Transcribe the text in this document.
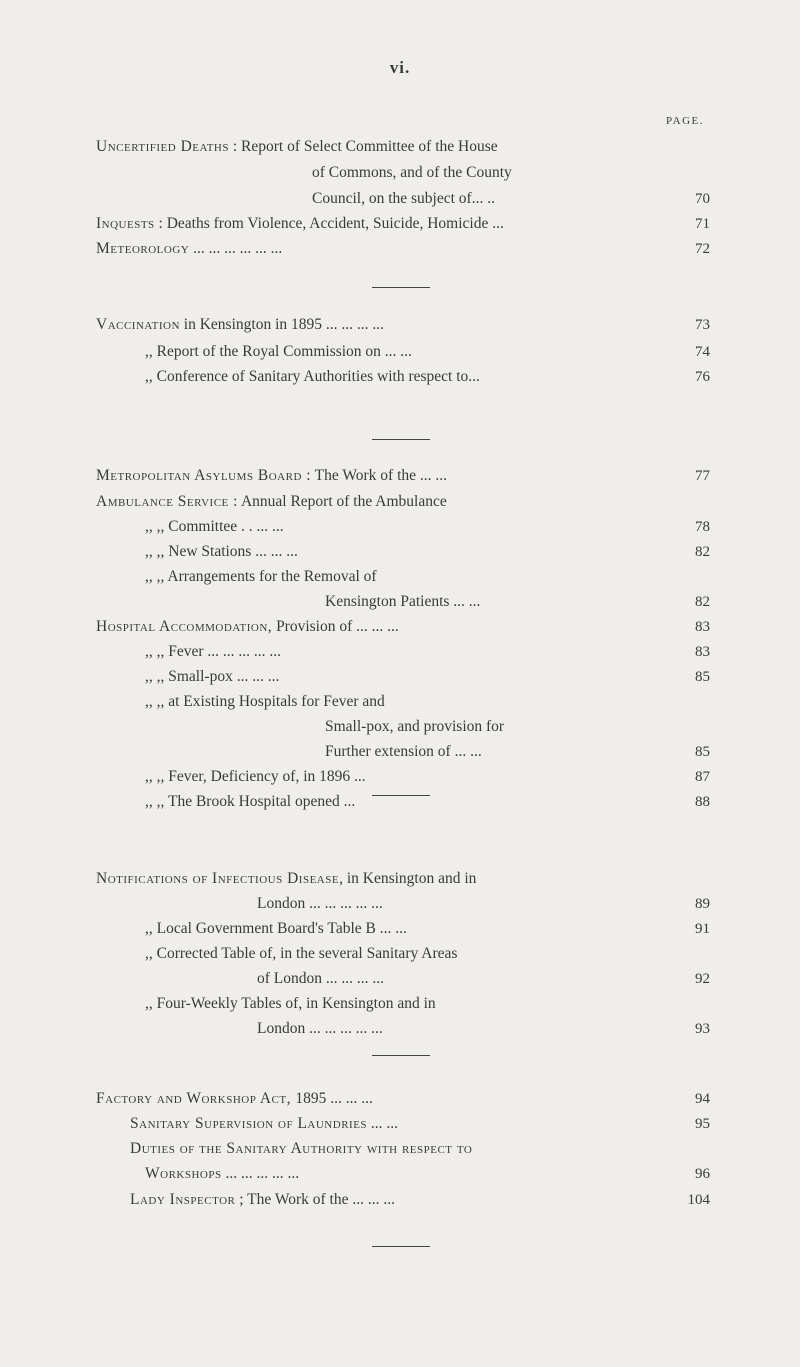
vi.
PAGE.
Uncertified Deaths : Report of Select Committee of the House
of Commons, and of the County
Council, on the subject of... ..
Inquests : Deaths from Violence, Accident, Suicide, Homicide ...
Meteorology ... ... ... ... ... ...
Vaccination in Kensington in 1895 ... ... ... ...
,, Report of the Royal Commission on ... ...
,, Conference of Sanitary Authorities with respect to...
Metropolitan Asylums Board : The Work of the ... ...
Ambulance Service : Annual Report of the Ambulance
,, ,, Committee . . ... ...
,, ,, New Stations ... ... ...
,, ,, Arrangements for the Removal of
Kensington Patients ... ...
Hospital Accommodation, Provision of ... ... ...
,, ,, Fever ... ... ... ... ...
,, ,, Small-pox ... ... ...
,, ,, at Existing Hospitals for Fever and
Small-pox, and provision for
Further extension of ... ...
,, ,, Fever, Deficiency of, in 1896 ...
,, ,, The Brook Hospital opened ...
Notifications of Infectious Disease, in Kensington and in
London ... ... ... ... ...
,, Local Government Board's Table B ... ...
,, Corrected Table of, in the several Sanitary Areas
of London ... ... ... ...
,, Four-Weekly Tables of, in Kensington and in
London ... ... ... ... ...
Factory and Workshop Act, 1895 ... ... ...
Sanitary Supervision of Laundries ... ...
Duties of the Sanitary Authority with respect to
Workshops ... ... ... ... ...
Lady Inspector ; The Work of the ... ... ...
70
71
72
73
74
76
77
78
82
82
83
83
85
85
87
88
89
91
92
93
94
95
96
104
